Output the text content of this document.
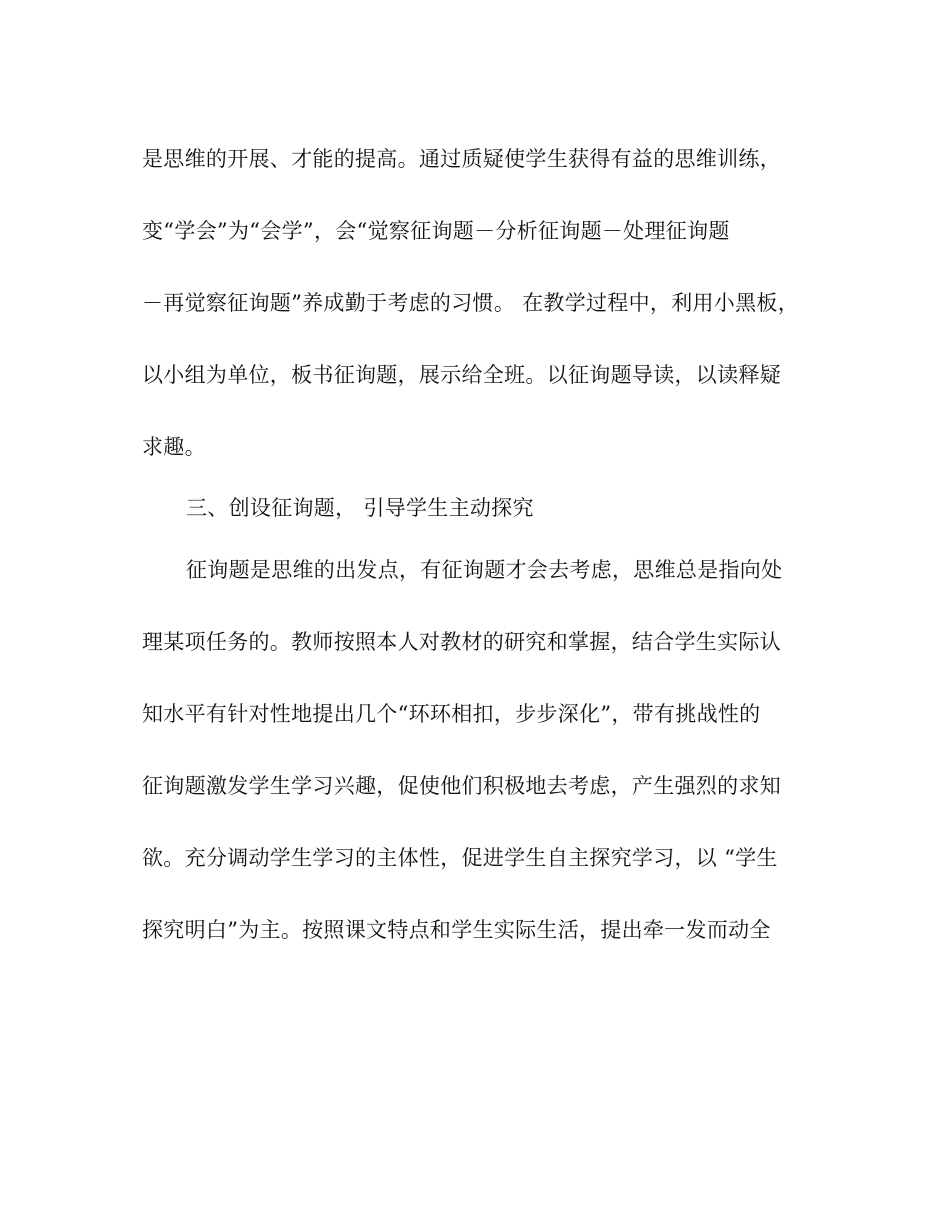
是思维的开展、才能的提高。通过质疑使学生获得有益的思维训练，
变“学会”为“会学”，会“觉察征询题－分析征询题－处理征询题
－再觉察征询题”养成勤于考虑的习惯。 在教学过程中，利用小黑板，
以小组为单位，板书征询题，展示给全班。以征询题导读，以读释疑
求趣。
三、创设征询题， 引导学生主动探究
征询题是思维的出发点，有征询题才会去考虑，思维总是指向处
理某项任务的。教师按照本人对教材的研究和掌握，结合学生实际认
知水平有针对性地提出几个“环环相扣，步步深化”，带有挑战性的
征询题激发学生学习兴趣，促使他们积极地去考虑，产生强烈的求知
欲。充分调动学生学习的主体性，促进学生自主探究学习，以 “学生
探究明白”为主。按照课文特点和学生实际生活，提出牵一发而动全
